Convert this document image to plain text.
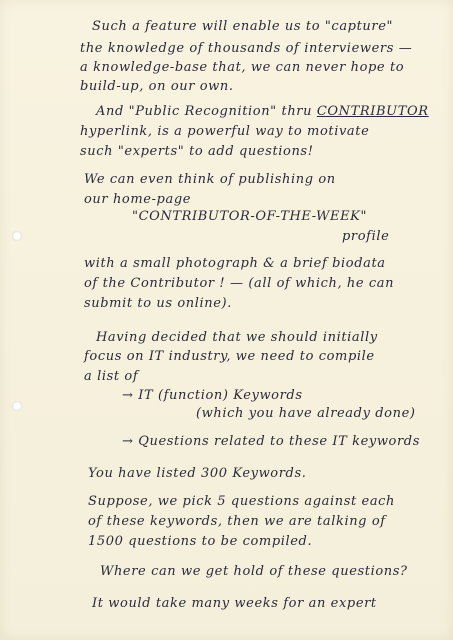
Such a feature will enable us to "capture"
the knowledge of thousands of interviewers —
a knowledge-base that, we can never hope to
build-up, on our own.
And "Public Recognition" thru CONTRIBUTOR
hyperlink, is a powerful way to motivate
such "experts" to add questions!
We can even think of publishing on
our home-page
"CONTRIBUTOR-OF-THE-WEEK"
profile
with a small photograph & a brief biodata
of the Contributor ! — (all of which, he can
submit to us online).
Having decided that we should initially
focus on IT industry, we need to compile
a list of
→ IT (function) Keywords
(which you have already done)
→ Questions related to these IT keywords
You have listed 300 Keywords.
Suppose, we pick 5 questions against each
of these keywords, then we are talking of
1500 questions to be compiled.
Where can we get hold of these questions?
It would take many weeks for an expert
